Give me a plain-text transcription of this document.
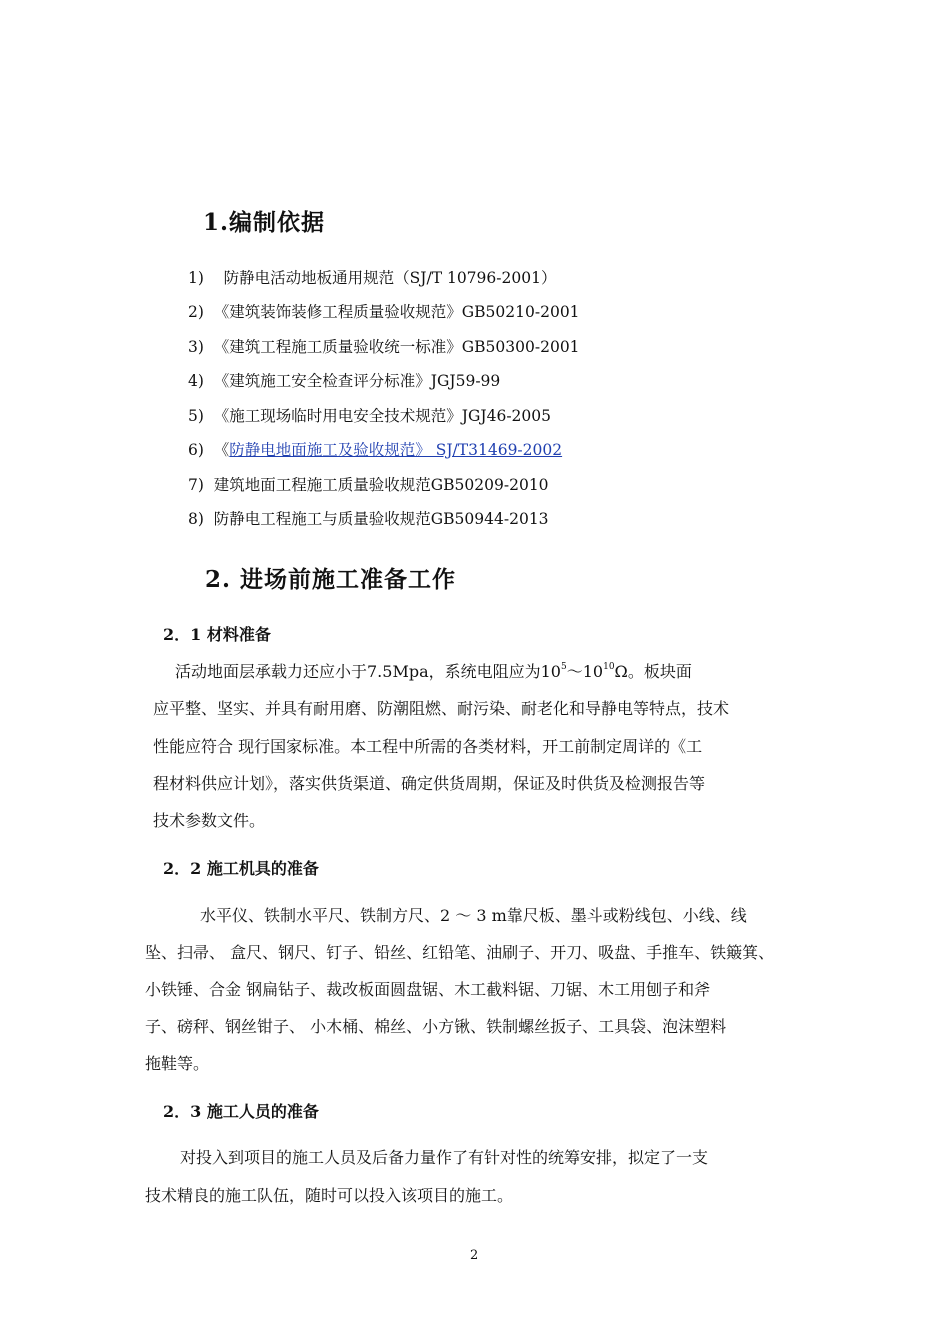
1.编制依据
1) 防静电活动地板通用规范（SJ/T 10796-2001）
2) 《建筑装饰装修工程质量验收规范》GB50210-2001
3) 《建筑工程施工质量验收统一标准》GB50300-2001
4) 《建筑施工安全检查评分标准》JGJ59-99
5) 《施工现场临时用电安全技术规范》JGJ46-2005
6) 《防静电地面施工及验收规范》 SJ/T31469-2002
7) 建筑地面工程施工质量验收规范GB50209-2010
8) 防静电工程施工与质量验收规范GB50944-2013
2. 进场前施工准备工作
2．1 材料准备
活动地面层承载力还应小于7.5Mpa，系统电阻应为$10^5\sim 10^{10}\Omega$。板块面
应平整、坚实、并具有耐用磨、防潮阻燃、耐污染、耐老化和导静电等特点，技术
性能应符合 现行国家标准。本工程中所需的各类材料，开工前制定周详的《工
程材料供应计划》，落实供货渠道、确定供货周期，保证及时供货及检测报告等
技术参数文件。
2．2 施工机具的准备
水平仪、铁制水平尺、铁制方尺、2 ～ 3 m靠尺板、墨斗或粉线包、小线、线
坠、扫帚、 盒尺、钢尺、钉子、铅丝、红铅笔、油刷子、开刀、吸盘、手推车、铁簸箕、
小铁锤、合金 钢扁钻子、裁改板面圆盘锯、木工截料锯、刀锯、木工用刨子和斧
子、磅秤、钢丝钳子、 小木桶、棉丝、小方锹、铁制螺丝扳子、工具袋、泡沫塑料
拖鞋等。
2．3 施工人员的准备
对投入到项目的施工人员及后备力量作了有针对性的统筹安排，拟定了一支
技术精良的施工队伍，随时可以投入该项目的施工。
2
